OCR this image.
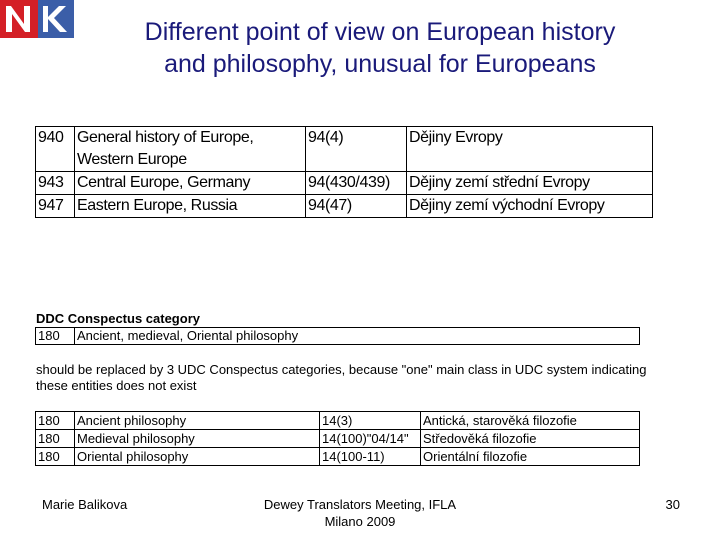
Different point of view on European history
and philosophy, unusual for Europeans
940	General history of Europe, Western Europe	94(4)	Dějiny Evropy
943	Central Europe, Germany	94(430/439)	Dějiny zemí střední Evropy
947	Eastern Europe, Russia	94(47)	Dějiny zemí východní Evropy
DDC Conspectus category
180	Ancient, medieval, Oriental philosophy
should be replaced by 3 UDC Conspectus categories, because "one" main class in UDC system indicating these entities does not exist
180	Ancient philosophy	14(3)	Antická, starověká filozofie
180	Medieval philosophy	14(100)"04/14"	Středověká filozofie
180	Oriental philosophy	14(100-11)	Orientální filozofie
Marie Balikova	Dewey Translators Meeting, IFLA
Milano 2009
30
